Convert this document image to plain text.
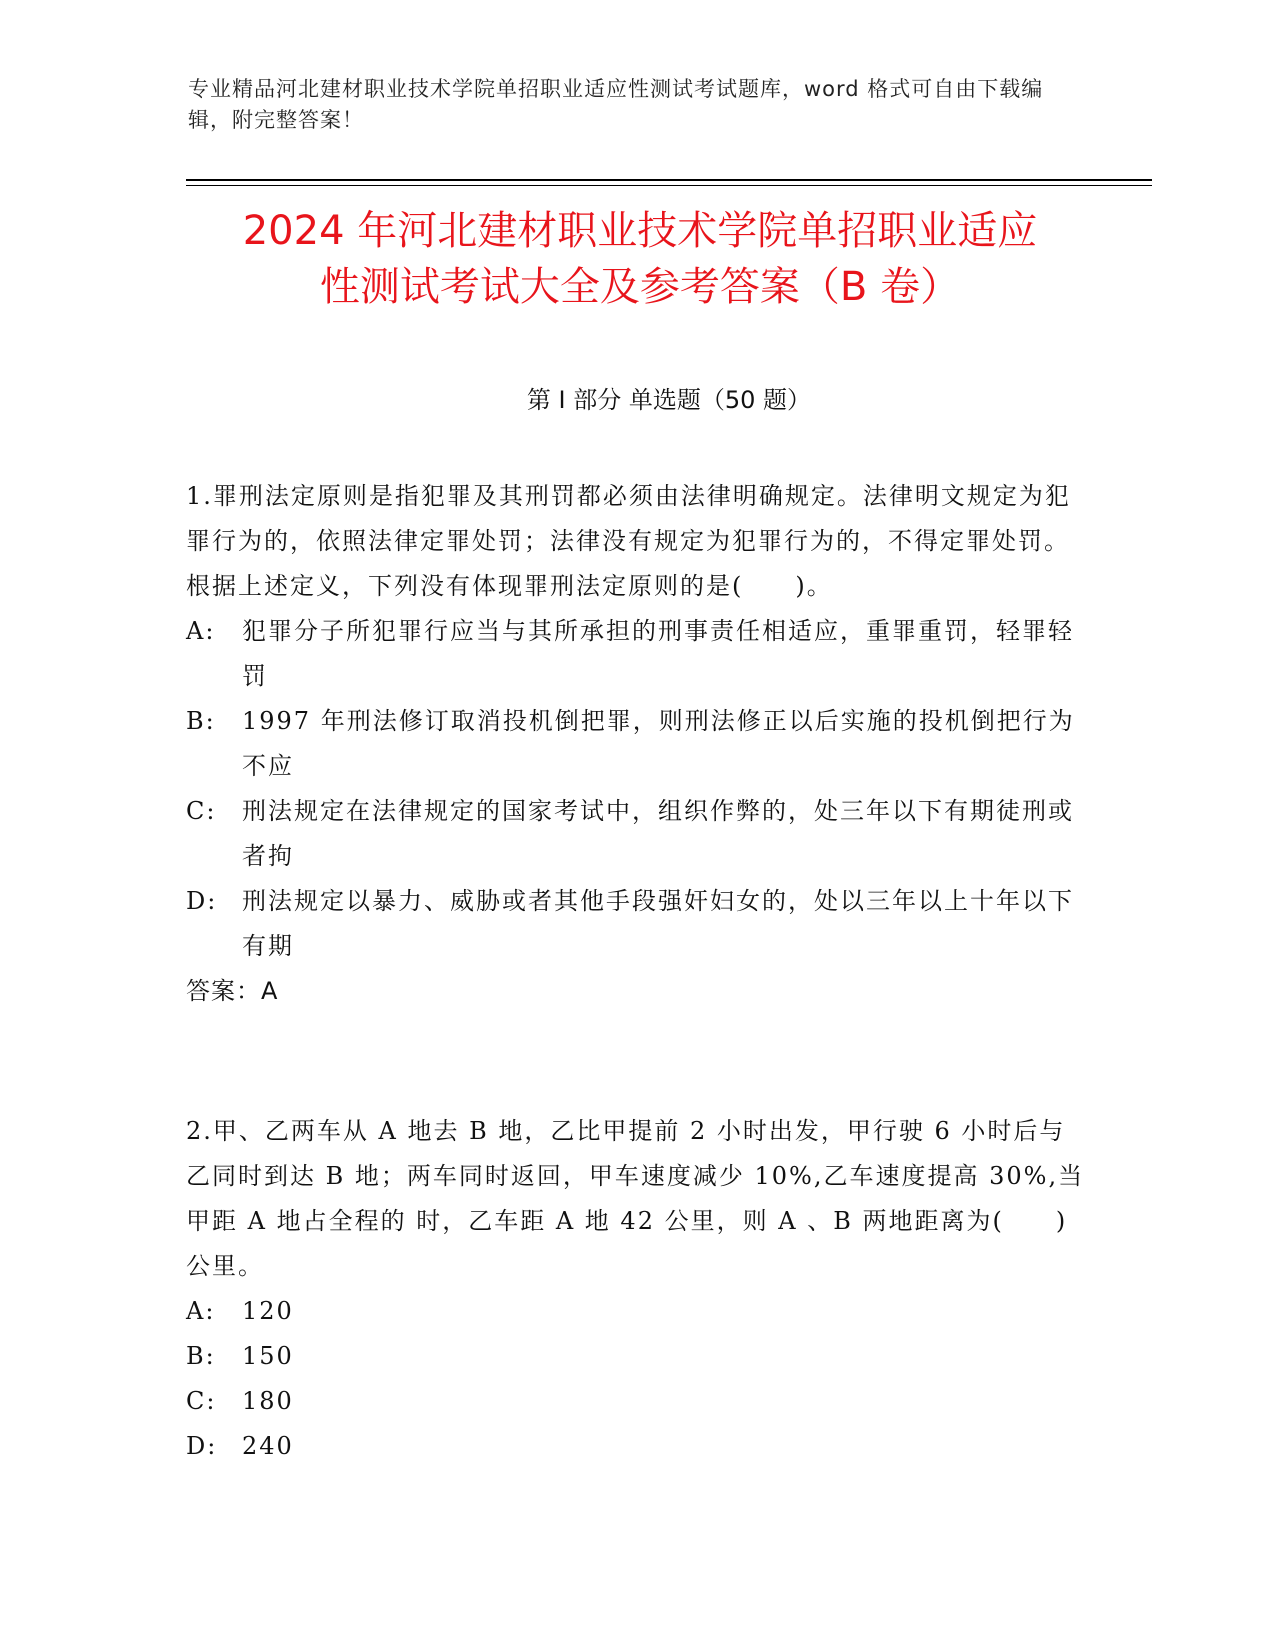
专业精品河北建材职业技术学院单招职业适应性测试考试题库，word 格式可自由下载编辑，附完整答案！
2024 年河北建材职业技术学院单招职业适应
性测试考试大全及参考答案（B 卷）
第 I 部分 单选题（50 题）
1.罪刑法定原则是指犯罪及其刑罚都必须由法律明确规定。法律明文规定为犯罪行为的，依照法律定罪处罚；法律没有规定为犯罪行为的，不得定罪处罚。根据上述定义，下列没有体现罪刑法定原则的是(　　)。
A:	犯罪分子所犯罪行应当与其所承担的刑事责任相适应，重罪重罚，轻罪轻罚
B:	1997 年刑法修订取消投机倒把罪，则刑法修正以后实施的投机倒把行为不应
C:	刑法规定在法律规定的国家考试中，组织作弊的，处三年以下有期徒刑或者拘
D:	刑法规定以暴力、威胁或者其他手段强奸妇女的，处以三年以上十年以下有期
答案：A
2.甲、乙两车从 A 地去 B 地，乙比甲提前 2 小时出发，甲行驶 6 小时后与乙同时到达 B 地；两车同时返回，甲车速度减少 10%,乙车速度提高 30%,当甲距 A 地占全程的 时，乙车距 A 地 42 公里，则 A 、B 两地距离为(　　)公里。
A:	120
B:	150
C:	180
D:	240
